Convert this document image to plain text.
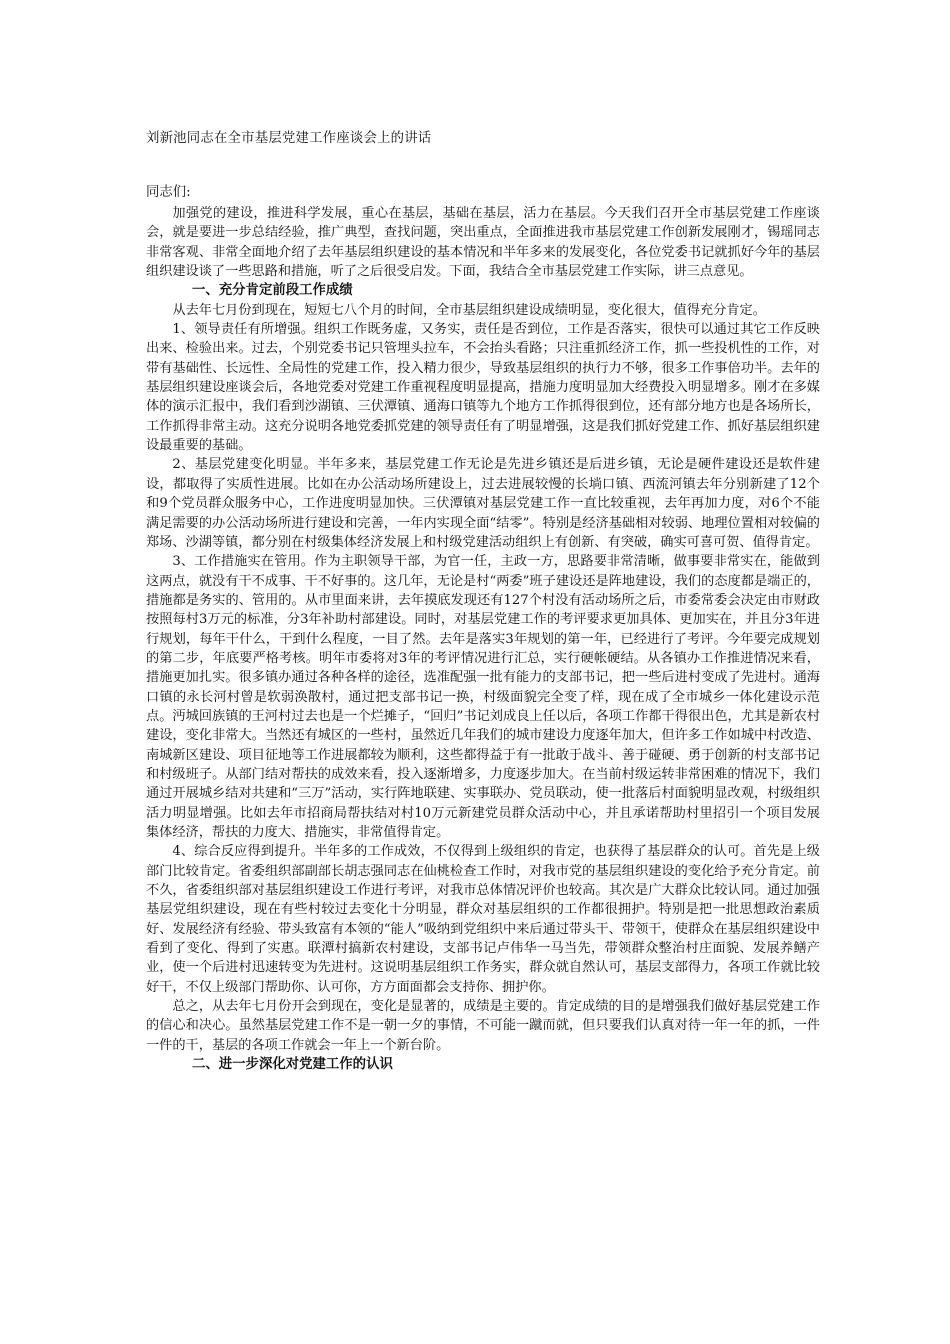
刘新池同志在全市基层党建工作座谈会上的讲话
同志们:

加强党的建设，推进科学发展，重心在基层，基础在基层，活力在基层。今天我们召开全市基层党建工作座谈会，就是要进一步总结经验，推广典型，查找问题，突出重点，全面推进我市基层党建工作创新发展刚才，锡瑶同志非常客观、非常全面地介绍了去年基层组织建设的基本情况和半年多来的发展变化，各位党委书记就抓好今年的基层组织建设谈了一些思路和措施，听了之后很受启发。下面，我结合全市基层党建工作实际，讲三点意见。

一、充分肯定前段工作成绩

从去年七月份到现在，短短七八个月的时间，全市基层组织建设成绩明显，变化很大，值得充分肯定。

1、领导责任有所增强。组织工作既务虚，又务实，责任是否到位，工作是否落实，很快可以通过其它工作反映出来、检验出来。过去，个别党委书记只管埋头拉车，不会抬头看路；只注重抓经济工作，抓一些投机性的工作，对带有基础性、长远性、全局性的党建工作，投入精力很少，导致基层组织的执行力不够，很多工作事倍功半。去年的基层组织建设座谈会后，各地党委对党建工作重视程度明显提高，措施力度明显加大经费投入明显增多。刚才在多媒体的演示汇报中，我们看到沙湖镇、三伏潭镇、通海口镇等九个地方工作抓得很到位，还有部分地方也是各场所长，工作抓得非常主动。这充分说明各地党委抓党建的领导责任有了明显增强，这是我们抓好党建工作、抓好基层组织建设最重要的基础。

2、基层党建变化明显。半年多来，基层党建工作无论是先进乡镇还是后进乡镇，无论是硬件建设还是软件建设，都取得了实质性进展。比如在办公活动场所建设上，过去进展较慢的长埫口镇、西流河镇去年分别新建了12个和9个党员群众服务中心，工作进度明显加快。三伏潭镇对基层党建工作一直比较重视，去年再加力度，对6个不能满足需要的办公活动场所进行建设和完善，一年内实现全面“结零”。特别是经济基础相对较弱、地理位置相对较偏的郑场、沙湖等镇，都分别在村级集体经济发展上和村级党建活动组织上有创新、有突破，确实可喜可贺、值得肯定。

3、工作措施实在管用。作为主职领导干部，为官一任，主政一方，思路要非常清晰，做事要非常实在，能做到这两点，就没有干不成事、干不好事的。这几年，无论是村“两委”班子建设还是阵地建设，我们的态度都是端正的，措施都是务实的、管用的。从市里面来讲，去年摸底发现还有127个村没有活动场所之后，市委常委会决定由市财政按照每村3万元的标准，分3年补助村部建设。同时，对基层党建工作的考评要求更加具体、更加实在，并且分3年进行规划，每年干什么，干到什么程度，一目了然。去年是落实3年规划的第一年，已经进行了考评。今年要完成规划的第二步，年底要严格考核。明年市委将对3年的考评情况进行汇总，实行硬帐硬结。从各镇办工作推进情况来看，措施更加扎实。很多镇办通过各种各样的途径，选准配强一批有能力的支部书记，把一些后进村变成了先进村。通海口镇的永长河村曾是软弱涣散村，通过把支部书记一换，村级面貌完全变了样，现在成了全市城乡一体化建设示范点。沔城回族镇的王河村过去也是一个烂摊子，“回归”书记刘成良上任以后，各项工作都干得很出色，尤其是新农村建设，变化非常大。当然还有城区的一些村，虽然近几年我们的城市建设力度逐年加大，但许多工作如城中村改造、南城新区建设、项目征地等工作进展都较为顺利，这些都得益于有一批敢于战斗、善于碰硬、勇于创新的村支部书记和村级班子。从部门结对帮扶的成效来看，投入逐渐增多，力度逐步加大。在当前村级运转非常困难的情况下，我们通过开展城乡结对共建和“三万”活动，实行阵地联建、实事联办、党员联动，使一批落后村面貌明显改观，村级组织活力明显增强。比如去年市招商局帮扶结对村10万元新建党员群众活动中心，并且承诺帮助村里招引一个项目发展集体经济，帮扶的力度大、措施实，非常值得肯定。

4、综合反应得到提升。半年多的工作成效，不仅得到上级组织的肯定，也获得了基层群众的认可。首先是上级部门比较肯定。省委组织部副部长胡志强同志在仙桃检查工作时，对我市党的基层组织建设的变化给予充分肯定。前不久，省委组织部对基层组织建设工作进行考评，对我市总体情况评价也较高。其次是广大群众比较认同。通过加强基层党组织建设，现在有些村较过去变化十分明显，群众对基层组织的工作都很拥护。特别是把一批思想政治素质好、发展经济有经验、带头致富有本领的“能人”吸纳到党组织中来后通过带头干、带领干，使群众在基层组织建设中看到了变化、得到了实惠。联潭村搞新农村建设，支部书记卢伟华一马当先，带领群众整治村庄面貌、发展养鳝产业，使一个后进村迅速转变为先进村。这说明基层组织工作务实，群众就自然认可，基层支部得力，各项工作就比较好干，不仅上级部门帮助你、认可你，方方面面都会支持你、拥护你。

总之，从去年七月份开会到现在，变化是显著的，成绩是主要的。肯定成绩的目的是增强我们做好基层党建工作的信心和决心。虽然基层党建工作不是一朝一夕的事情，不可能一蹴而就，但只要我们认真对待一年一年的抓，一件一件的干，基层的各项工作就会一年上一个新台阶。

二、进一步深化对党建工作的认识
